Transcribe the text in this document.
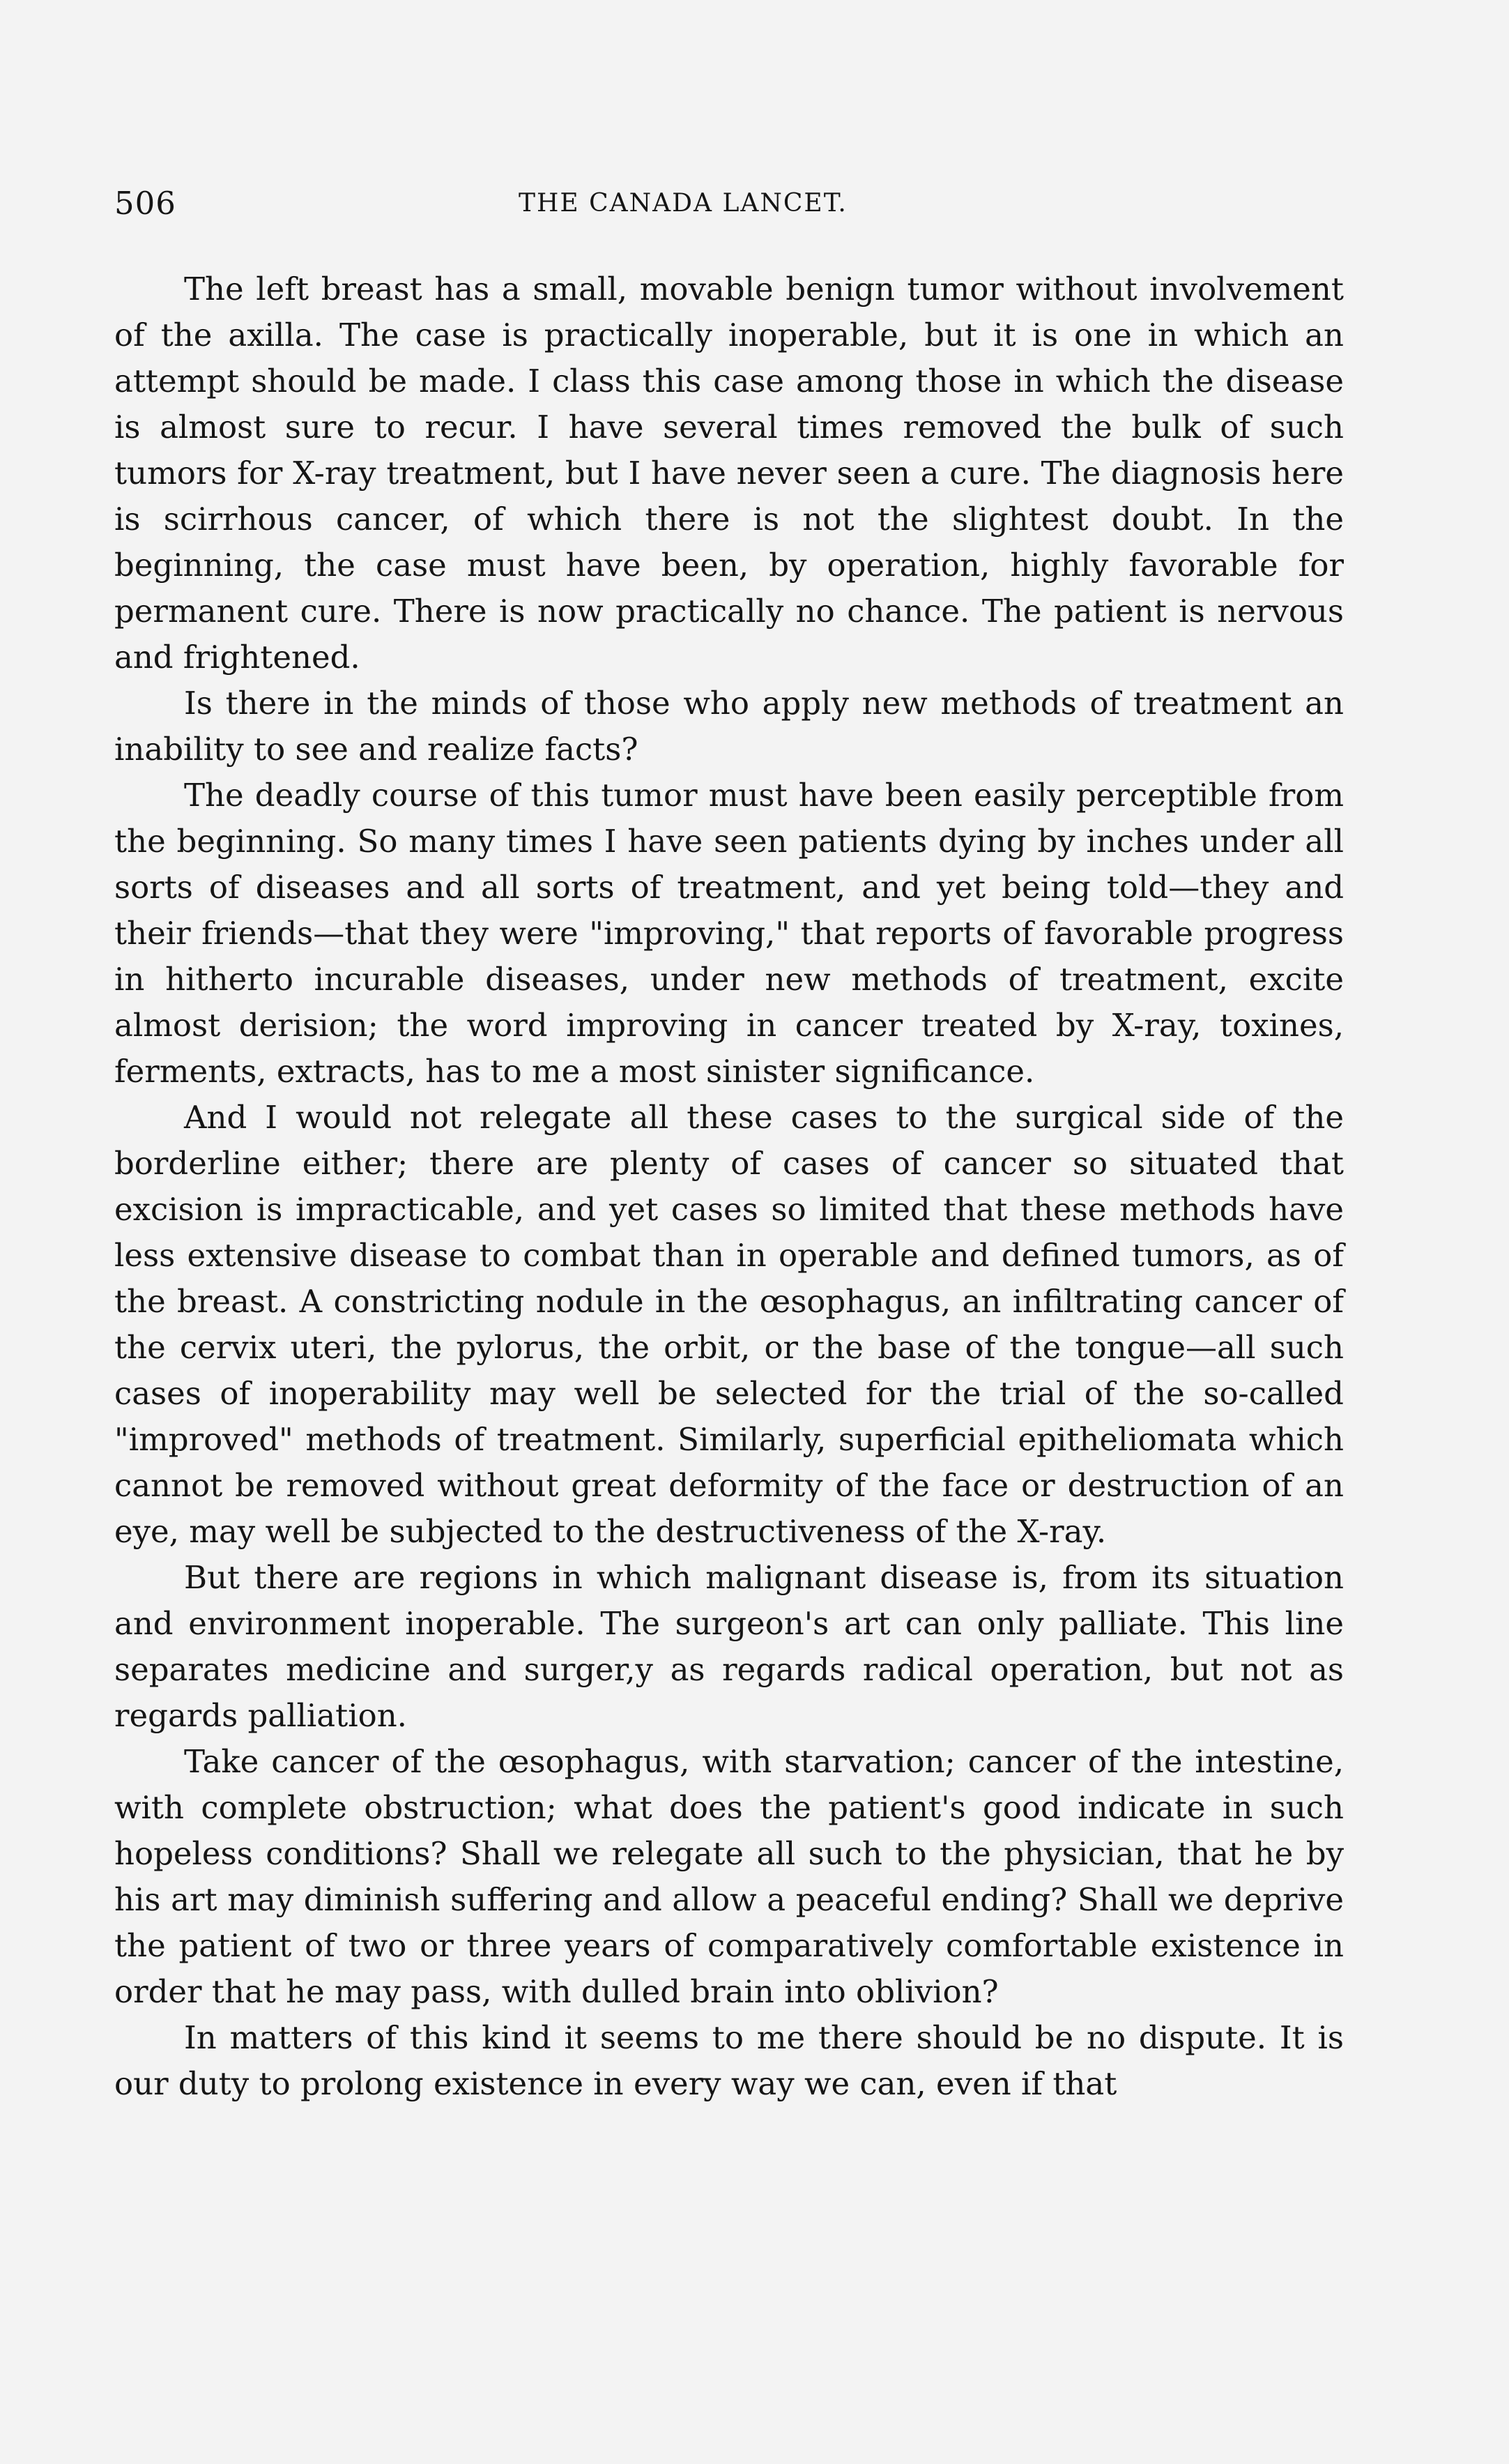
506	THE CANADA LANCET.

The left breast has a small, movable benign tumor without involvement of the axilla. The case is practically inoperable, but it is one in which an attempt should be made. I class this case among those in which the disease is almost sure to recur. I have several times removed the bulk of such tumors for X-ray treatment, but I have never seen a cure. The diagnosis here is scirrhous cancer, of which there is not the slightest doubt. In the beginning, the case must have been, by operation, highly favorable for permanent cure. There is now practically no chance. The patient is nervous and frightened.

Is there in the minds of those who apply new methods of treatment an inability to see and realize facts?

The deadly course of this tumor must have been easily perceptible from the beginning. So many times I have seen patients dying by inches under all sorts of diseases and all sorts of treatment, and yet being told—they and their friends—that they were "improving," that reports of favorable progress in hitherto incurable diseases, under new methods of treatment, excite almost derision; the word improving in cancer treated by X-ray, toxines, ferments, extracts, has to me a most sinister significance.

And I would not relegate all these cases to the surgical side of the borderline either; there are plenty of cases of cancer so situated that excision is impracticable, and yet cases so limited that these methods have less extensive disease to combat than in operable and defined tumors, as of the breast. A constricting nodule in the œsophagus, an infiltrating cancer of the cervix uteri, the pylorus, the orbit, or the base of the tongue—all such cases of inoperability may well be selected for the trial of the so-called "improved" methods of treatment. Similarly, superficial epitheliomata which cannot be removed without great deformity of the face or destruction of an eye, may well be subjected to the destructiveness of the X-ray.

But there are regions in which malignant disease is, from its situation and environment inoperable. The surgeon's art can only palliate. This line separates medicine and surger,y as regards radical operation, but not as regards palliation.

Take cancer of the œsophagus, with starvation; cancer of the intestine, with complete obstruction; what does the patient's good indicate in such hopeless conditions? Shall we relegate all such to the physician, that he by his art may diminish suffering and allow a peaceful ending? Shall we deprive the patient of two or three years of comparatively comfortable existence in order that he may pass, with dulled brain into oblivion?

In matters of this kind it seems to me there should be no dispute. It is our duty to prolong existence in every way we can, even if that
